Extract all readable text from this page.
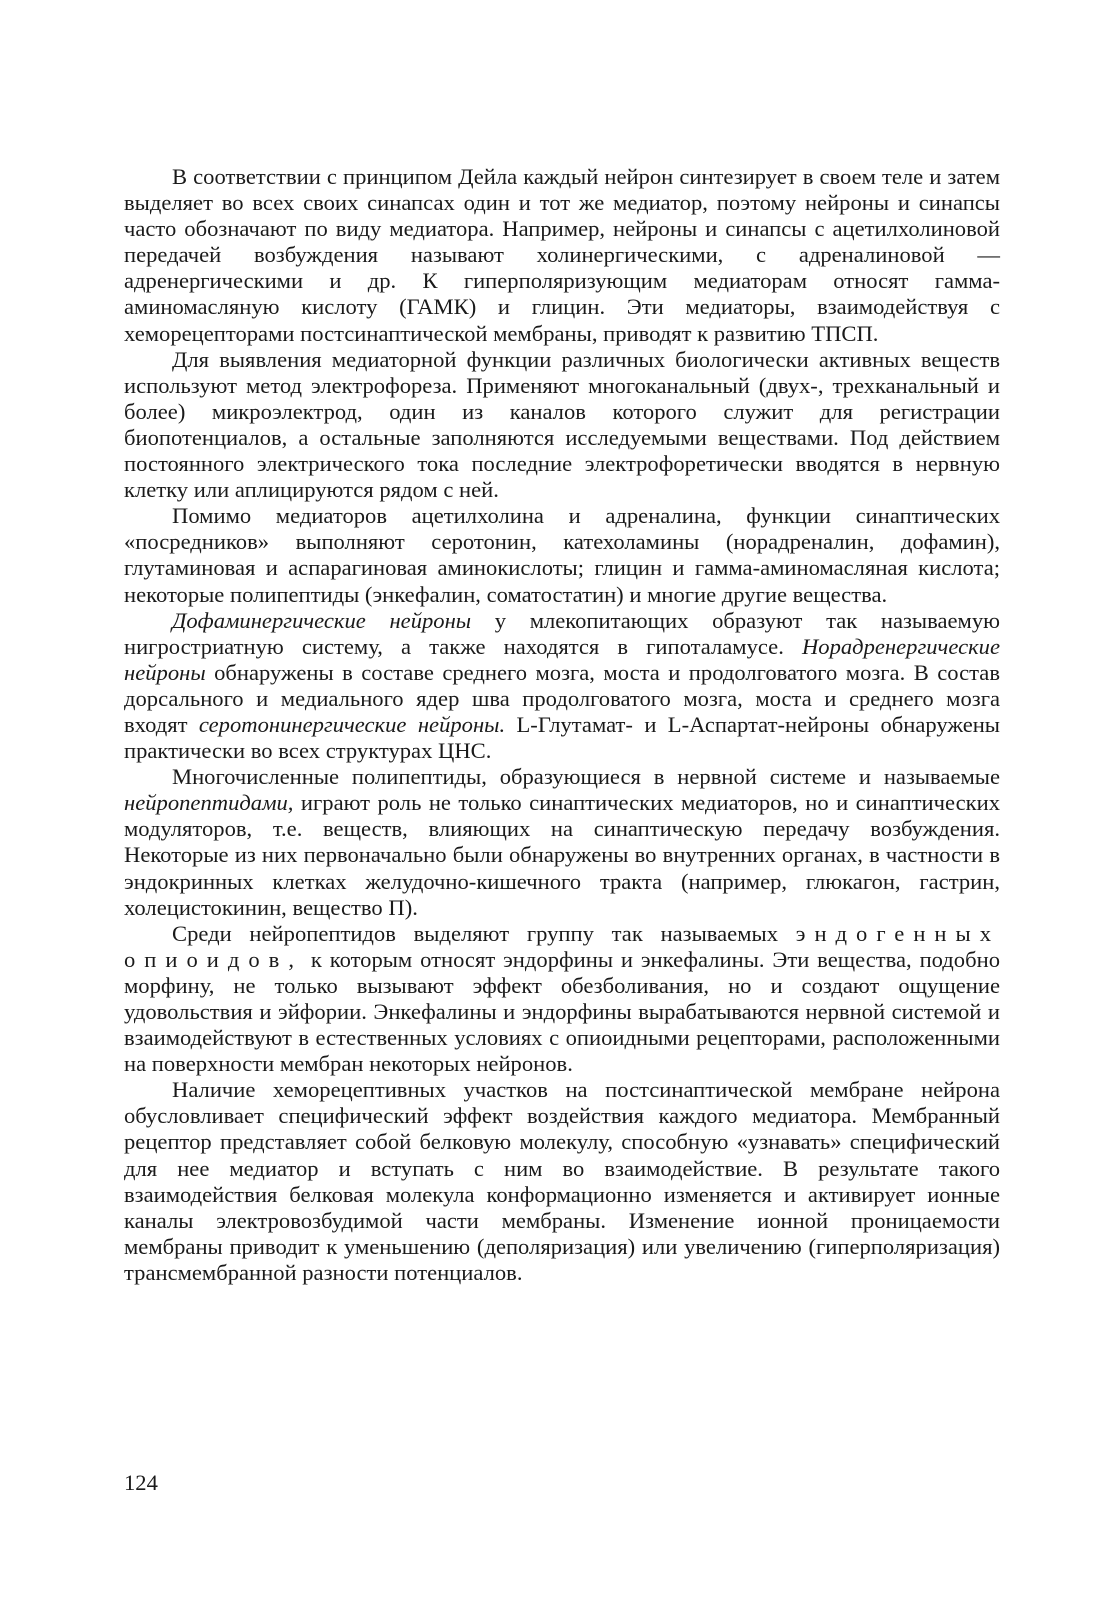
В соответствии с принципом Дейла каждый нейрон синтезирует в своем теле и затем выделяет во всех своих синапсах один и тот же медиатор, поэтому нейроны и синапсы часто обозначают по виду медиатора. Например, нейроны и синапсы с ацетилхолиновой передачей возбуждения называют холинергическими, с адреналиновой — адренергическими и др. К гиперполяризующим медиаторам относят гамма-аминомасляную кислоту (ГАМК) и глицин. Эти медиаторы, взаимодействуя с хеморецепторами постсинаптической мембраны, приводят к развитию ТПСП.

Для выявления медиаторной функции различных биологически активных веществ используют метод электрофореза. Применяют многоканальный (двух-, трехканальный и более) микроэлектрод, один из каналов которого служит для регистрации биопотенциалов, а остальные заполняются исследуемыми веществами. Под действием постоянного электрического тока последние электрофоретически вводятся в нервную клетку или аплицируются рядом с ней.

Помимо медиаторов ацетилхолина и адреналина, функции синаптических «посредников» выполняют серотонин, катехоламины (норадреналин, дофамин), глутаминовая и аспарагиновая аминокислоты; глицин и гамма-аминомасляная кислота; некоторые полипептиды (энкефалин, соматостатин) и многие другие вещества.

Дофаминергические нейроны у млекопитающих образуют так называемую нигростриатную систему, а также находятся в гипоталамусе. Норадренергические нейроны обнаружены в составе среднего мозга, моста и продолговатого мозга. В состав дорсального и медиального ядер шва продолговатого мозга, моста и среднего мозга входят серотонинергические нейроны. L-Глутамат- и L-Аспартат-нейроны обнаружены практически во всех структурах ЦНС.

Многочисленные полипептиды, образующиеся в нервной системе и называемые нейропептидами, играют роль не только синаптических медиаторов, но и синаптических модуляторов, т.е. веществ, влияющих на синаптическую передачу возбуждения. Некоторые из них первоначально были обнаружены во внутренних органах, в частности в эндокринных клетках желудочно-кишечного тракта (например, глюкагон, гастрин, холецистокинин, вещество П).

Среди нейропептидов выделяют группу так называемых эндогенных опиоидов, к которым относят эндорфины и энкефалины. Эти вещества, подобно морфину, не только вызывают эффект обезболивания, но и создают ощущение удовольствия и эйфории. Энкефалины и эндорфины вырабатываются нервной системой и взаимодействуют в естественных условиях с опиоидными рецепторами, расположенными на поверхности мембран некоторых нейронов.

Наличие хеморецептивных участков на постсинаптической мембране нейрона обусловливает специфический эффект воздействия каждого медиатора. Мембранный рецептор представляет собой белковую молекулу, способную «узнавать» специфический для нее медиатор и вступать с ним во взаимодействие. В результате такого взаимодействия белковая молекула конформационно изменяется и активирует ионные каналы электровозбудимой части мембраны. Изменение ионной проницаемости мембраны приводит к уменьшению (деполяризация) или увеличению (гиперполяризация) трансмембранной разности потенциалов.

124
